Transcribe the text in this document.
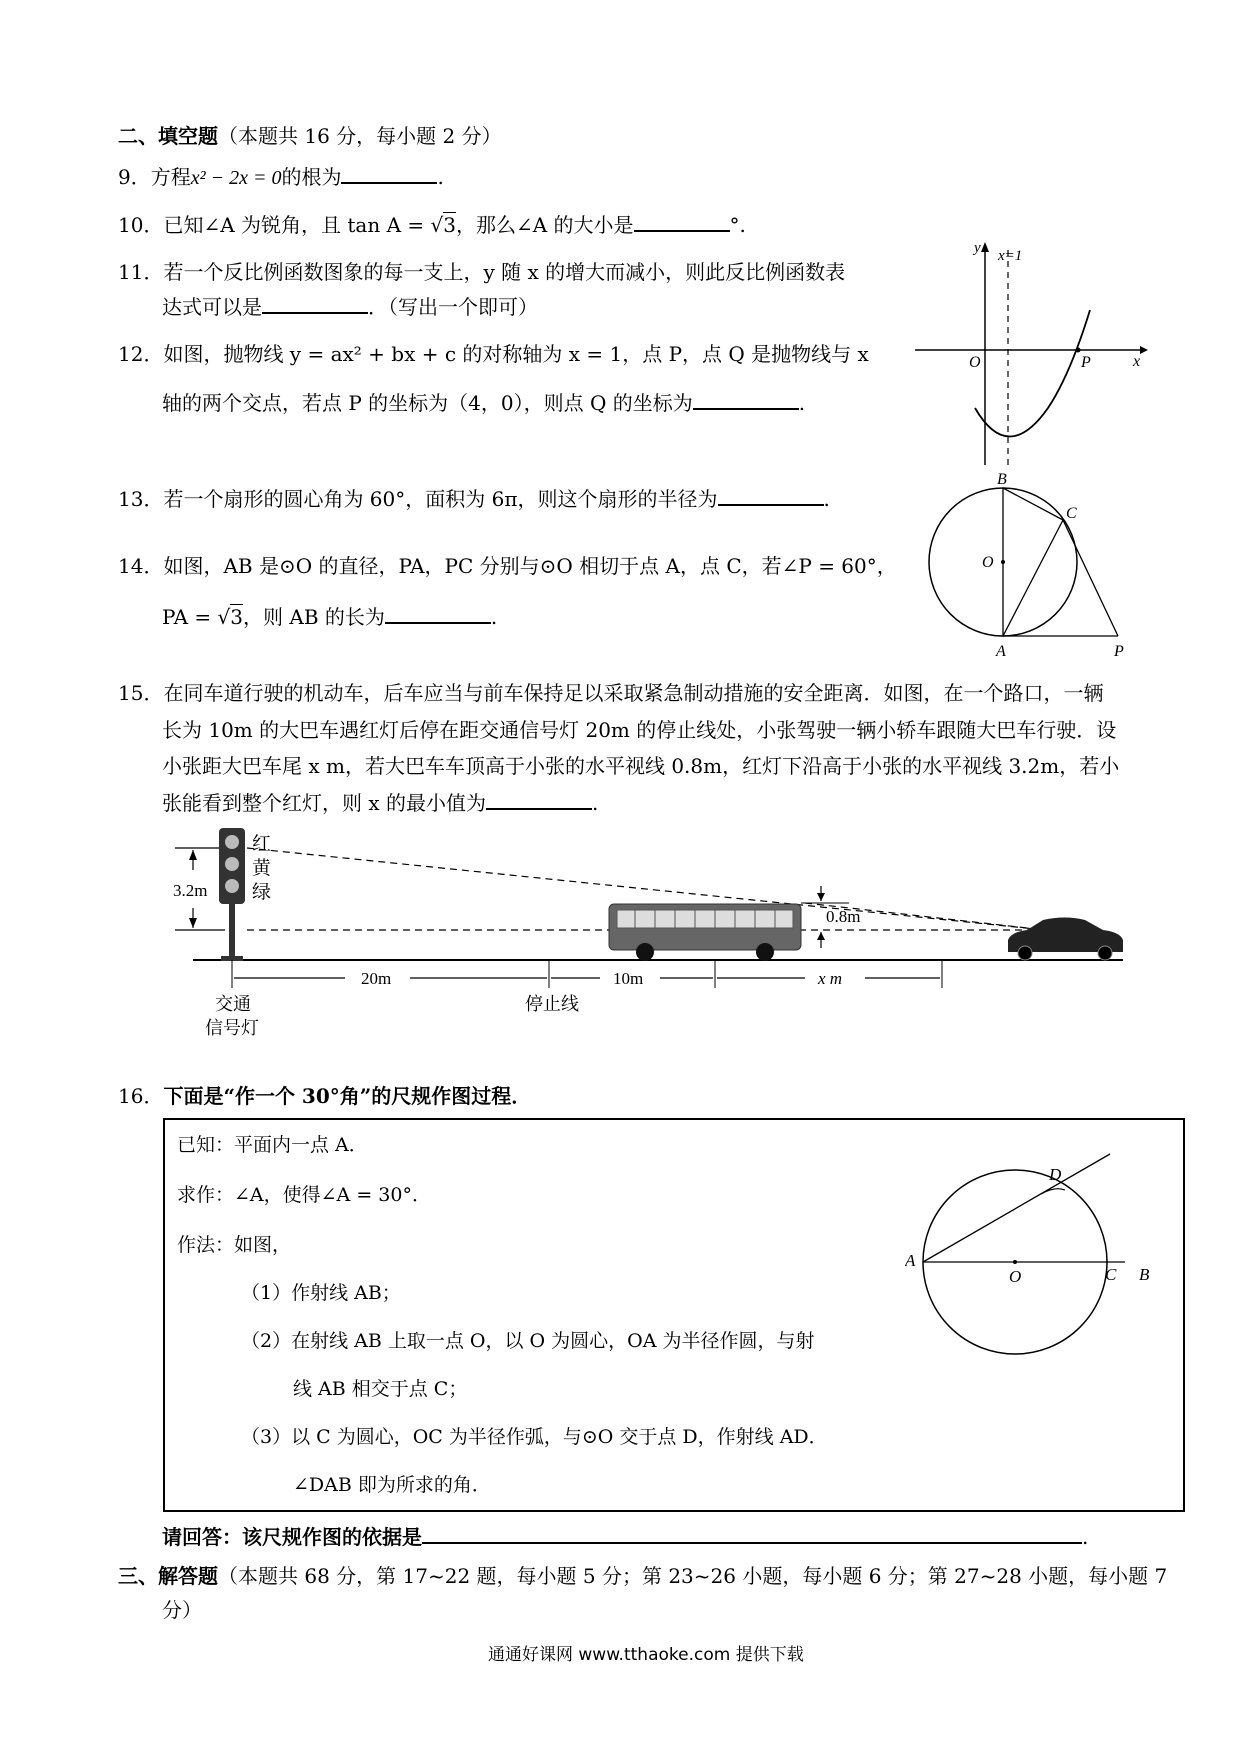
二、填空题（本题共 16 分，每小题 2 分）
9．方程x² − 2x = 0的根为	.
10．已知∠A 为锐角，且 tan A = √3，那么∠A 的大小是	°.
11．若一个反比例函数图象的每一支上，y 随 x 的增大而减小，则此反比例函数表
达式可以是	．（写出一个即可）
12．如图，抛物线 y = ax² + bx + c 的对称轴为 x = 1，点 P，点 Q 是抛物线与 x
轴的两个交点，若点 P 的坐标为（4，0），则点 Q 的坐标为	.
y x=1
O	P	x
13．若一个扇形的圆心角为 60°，面积为 6π，则这个扇形的半径为	.
14．如图，AB 是⊙O 的直径，PA，PC 分别与⊙O 相切于点 A，点 C，若∠P = 60°，
PA = √3，则 AB 的长为	.
B
C
O
A	P
15．在同车道行驶的机动车，后车应当与前车保持足以采取紧急制动措施的安全距离．如图，在一个路口，一辆
长为 10m 的大巴车遇红灯后停在距交通信号灯 20m 的停止线处，小张驾驶一辆小轿车跟随大巴车行驶．设
小张距大巴车尾 x m，若大巴车车顶高于小张的水平视线 0.8m，红灯下沿高于小张的水平视线 3.2m，若小
张能看到整个红灯，则 x 的最小值为	.
红
黄
绿
3.2m
0.8m
20m	10m	x m
交通
信号灯
停止线
16．下面是“作一个 30°角”的尺规作图过程．
已知：平面内一点 A．
求作：∠A，使得∠A = 30°．
作法：如图，
（1）作射线 AB；
（2）在射线 AB 上取一点 O，以 O 为圆心，OA 为半径作圆，与射
线 AB 相交于点 C；
（3）以 C 为圆心，OC 为半径作弧，与⊙O 交于点 D，作射线 AD．
∠DAB 即为所求的角．
D
A
O	C B
请回答：该尺规作图的依据是	.
三、解答题（本题共 68 分，第 17~22 题，每小题 5 分；第 23~26 小题，每小题 6 分；第 27~28 小题，每小题 7
分）
通通好课网 www.tthaoke.com 提供下载
